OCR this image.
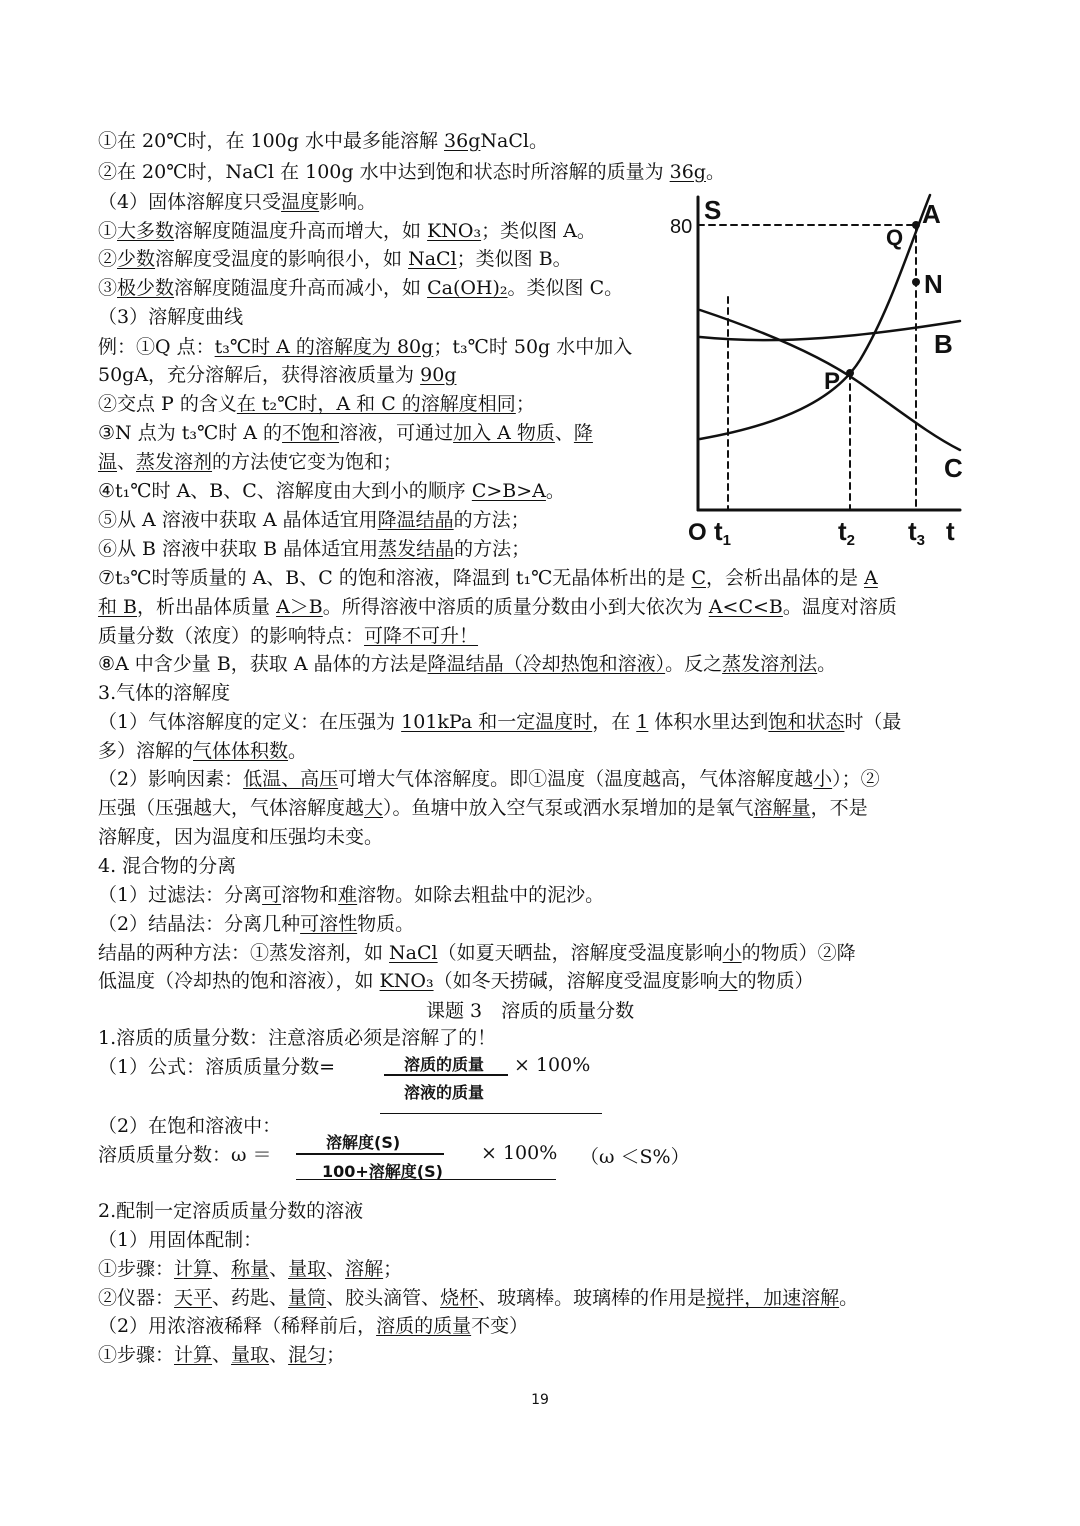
①在 20℃时，在 100g 水中最多能溶解 36gNaCl。
②在 20℃时，NaCl 在 100g 水中达到饱和状态时所溶解的质量为 36g。
（4）固体溶解度只受温度影响。
①大多数溶解度随温度升高而增大，如 KNO₃；类似图 A。
②少数溶解度受温度的影响很小，如 NaCl；类似图 B。
③极少数溶解度随温度升高而减小，如 Ca(OH)₂。类似图 C。
（3）溶解度曲线
例：①Q 点：t₃℃时 A 的溶解度为 80g；t₃℃时 50g 水中加入
50gA，充分溶解后，获得溶液质量为 90g
②交点 P 的含义在 t₂℃时，A 和 C 的溶解度相同；
③N 点为 t₃℃时 A 的不饱和溶液，可通过加入 A 物质、降
温、蒸发溶剂的方法使它变为饱和；
④t₁℃时 A、B、C、溶解度由大到小的顺序 C>B>A。
⑤从 A 溶液中获取 A 晶体适宜用降温结晶的方法；
⑥从 B 溶液中获取 B 晶体适宜用蒸发结晶的方法；
⑦t₃℃时等质量的 A、B、C 的饱和溶液，降温到 t₁℃无晶体析出的是 C，会析出晶体的是 A
和 B，析出晶体质量 A＞B。所得溶液中溶质的质量分数由小到大依次为 A<C<B。温度对溶质
质量分数（浓度）的影响特点：可降不可升！
⑧A 中含少量 B，获取 A 晶体的方法是降温结晶（冷却热饱和溶液）。反之蒸发溶剂法。
3.气体的溶解度
（1）气体溶解度的定义：在压强为 101kPa 和一定温度时，在 1 体积水里达到饱和状态时（最
多）溶解的气体体积数。
（2）影响因素：低温、高压可增大气体溶解度。即①温度（温度越高，气体溶解度越小）；②
压强（压强越大，气体溶解度越大）。鱼塘中放入空气泵或洒水泵增加的是氧气溶解量，不是
溶解度，因为温度和压强均未变。
4. 混合物的分离
（1）过滤法：分离可溶物和难溶物。如除去粗盐中的泥沙。
（2）结晶法：分离几种可溶性物质。
结晶的两种方法：①蒸发溶剂，如 NaCl（如夏天晒盐，溶解度受温度影响小的物质）②降
低温度（冷却热的饱和溶液），如 KNO₃（如冬天捞碱，溶解度受温度影响大的物质）
课题 3　溶质的质量分数
1.溶质的质量分数：注意溶质必须是溶解了的！
（1）公式：溶质质量分数=	溶质的质量 × 100%
溶液的质量
（2）在饱和溶液中：
溶质质量分数：ω ＝
溶解度(S)
100+溶解度(S)
× 100% （ω ＜S%）
2.配制一定溶质质量分数的溶液
（1）用固体配制：
①步骤：计算、称量、量取、溶解；
②仪器：天平、药匙、量筒、胶头滴管、烧杯、玻璃棒。玻璃棒的作用是搅拌，加速溶解。
（2）用浓溶液稀释（稀释前后，溶质的质量不变）
①步骤：计算、量取、混匀；
19
S
80	A
Q
N
B
P
C
O t1	t2 t3 t
